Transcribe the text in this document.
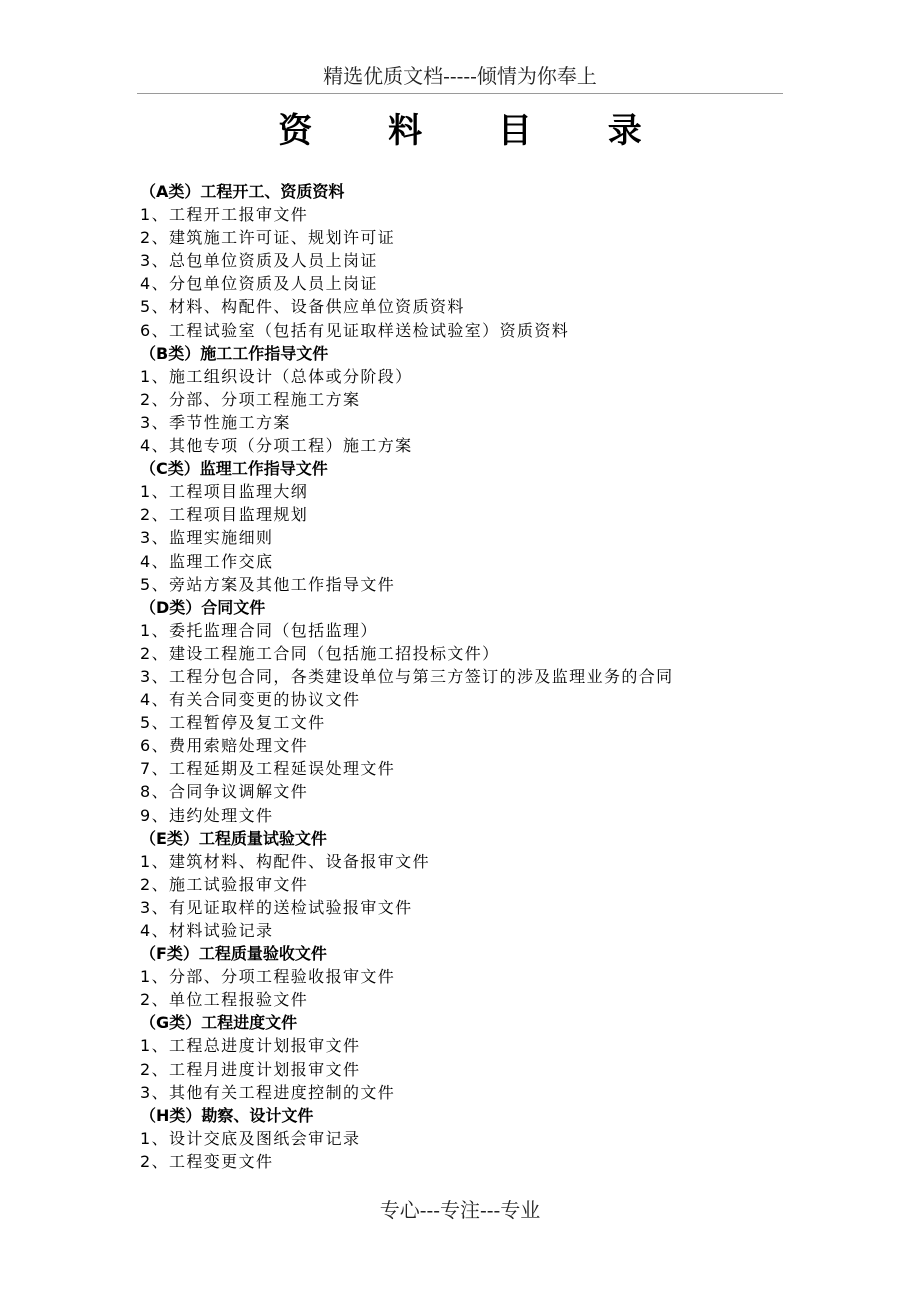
精选优质文档-----倾情为你奉上
资 料 目 录
（A类）工程开工、资质资料
1、工程开工报审文件
2、建筑施工许可证、规划许可证
3、总包单位资质及人员上岗证
4、分包单位资质及人员上岗证
5、材料、构配件、设备供应单位资质资料
6、工程试验室（包括有见证取样送检试验室）资质资料
（B类）施工工作指导文件
1、施工组织设计（总体或分阶段）
2、分部、分项工程施工方案
3、季节性施工方案
4、其他专项（分项工程）施工方案
（C类）监理工作指导文件
1、工程项目监理大纲
2、工程项目监理规划
3、监理实施细则
4、监理工作交底
5、旁站方案及其他工作指导文件
（D类）合同文件
1、委托监理合同（包括监理）
2、建设工程施工合同（包括施工招投标文件）
3、工程分包合同，各类建设单位与第三方签订的涉及监理业务的合同
4、有关合同变更的协议文件
5、工程暂停及复工文件
6、费用索赔处理文件
7、工程延期及工程延误处理文件
8、合同争议调解文件
9、违约处理文件
（E类）工程质量试验文件
1、建筑材料、构配件、设备报审文件
2、施工试验报审文件
3、有见证取样的送检试验报审文件
4、材料试验记录
（F类）工程质量验收文件
1、分部、分项工程验收报审文件
2、单位工程报验文件
（G类）工程进度文件
1、工程总进度计划报审文件
2、工程月进度计划报审文件
3、其他有关工程进度控制的文件
（H类）勘察、设计文件
1、设计交底及图纸会审记录
2、工程变更文件
专心---专注---专业
